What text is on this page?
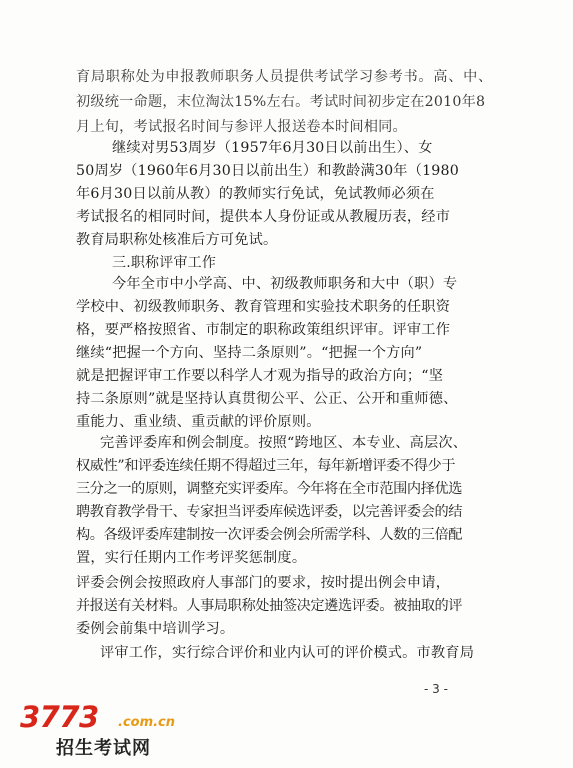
育局职称处为申报教师职务人员提供考试学习参考书。高、中、
初级统一命题，末位淘汰15%左右。考试时间初步定在2010年8
月上旬，考试报名时间与参评人报送卷本时间相同。
继续对男53周岁（1957年6月30日以前出生）、女
50周岁（1960年6月30日以前出生）和教龄满30年（1980
年6月30日以前从教）的教师实行免试，免试教师必须在
考试报名的相同时间，提供本人身份证或从教履历表，经市
教育局职称处核准后方可免试。
三.职称评审工作
今年全市中小学高、中、初级教师职务和大中（职）专
学校中、初级教师职务、教育管理和实验技术职务的任职资
格，要严格按照省、市制定的职称政策组织评审。评审工作
继续“把握一个方向、坚持二条原则”。“把握一个方向”
就是把握评审工作要以科学人才观为指导的政治方向；“坚
持二条原则”就是坚持认真贯彻公平、公正、公开和重师德、
重能力、重业绩、重贡献的评价原则。
完善评委库和例会制度。按照“跨地区、本专业、高层次、
权威性”和评委连续任期不得超过三年，每年新增评委不得少于
三分之一的原则，调整充实评委库。今年将在全市范围内择优选
聘教育教学骨干、专家担当评委库候选评委，以完善评委会的结
构。各级评委库建制按一次评委会例会所需学科、人数的三倍配
置，实行任期内工作考评奖惩制度。
评委会例会按照政府人事部门的要求，按时提出例会申请，
并报送有关材料。人事局职称处抽签决定遴选评委。被抽取的评
委例会前集中培训学习。
评审工作，实行综合评价和业内认可的评价模式。市教育局
- 3 -
3773 .com.cn
招生考试网
